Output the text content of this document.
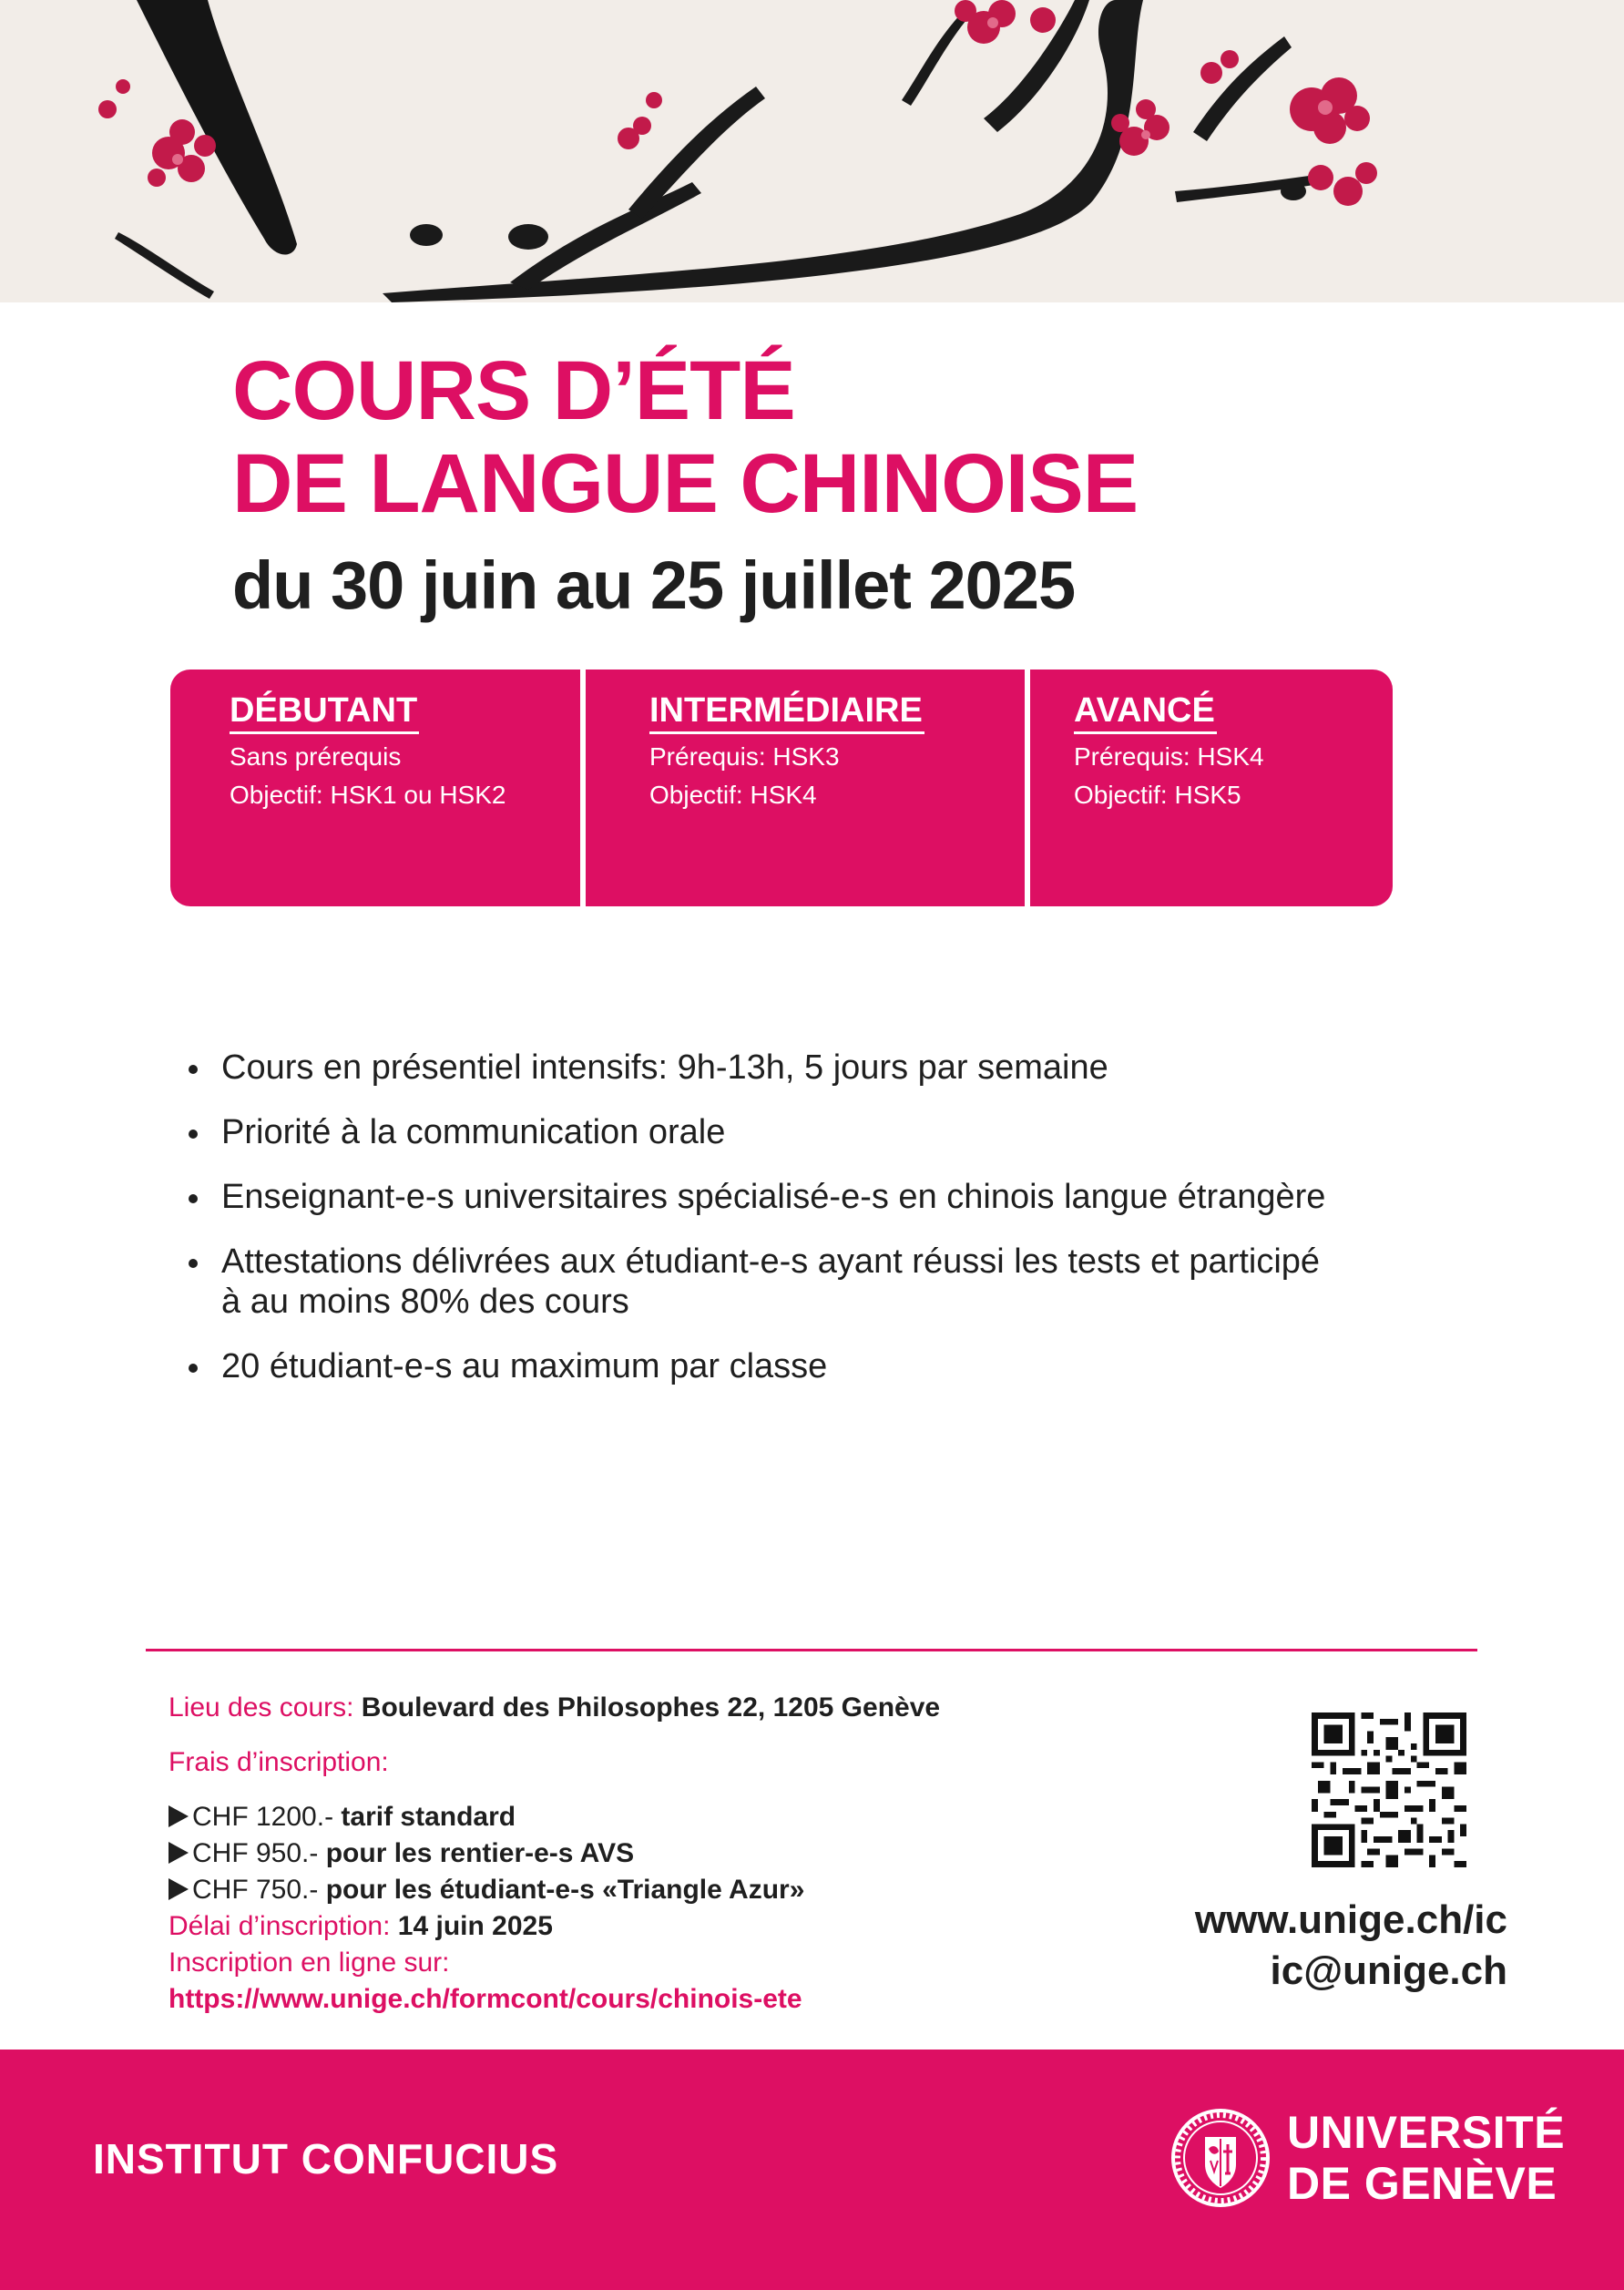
COURS D’ÉTÉ
DE LANGUE CHINOISE
du 30 juin au 25 juillet 2025
DÉBUTANT
Sans prérequis
Objectif: HSK1 ou HSK2
INTERMÉDIAIRE
Prérequis: HSK3
Objectif: HSK4
AVANCÉ
Prérequis: HSK4
Objectif: HSK5
Cours en présentiel intensifs: 9h-13h, 5 jours par semaine
Priorité à la communication orale
Enseignant-e-s universitaires spécialisé-e-s en chinois langue étrangère
Attestations délivrées aux étudiant-e-s ayant réussi les tests et participé
à au moins 80% des cours
20 étudiant-e-s au maximum par classe
Lieu des cours: Boulevard des Philosophes 22, 1205 Genève
Frais d’inscription:
CHF 1200.- tarif standard
CHF 950.- pour les rentier-e-s AVS
CHF 750.- pour les étudiant-e-s «Triangle Azur»
Délai d’inscription: 14 juin 2025
Inscription en ligne sur:
https://www.unige.ch/formcont/cours/chinois-ete
www.unige.ch/ic
ic@unige.ch
INSTITUT CONFUCIUS
UNIVERSITÉ
DE GENÈVE
